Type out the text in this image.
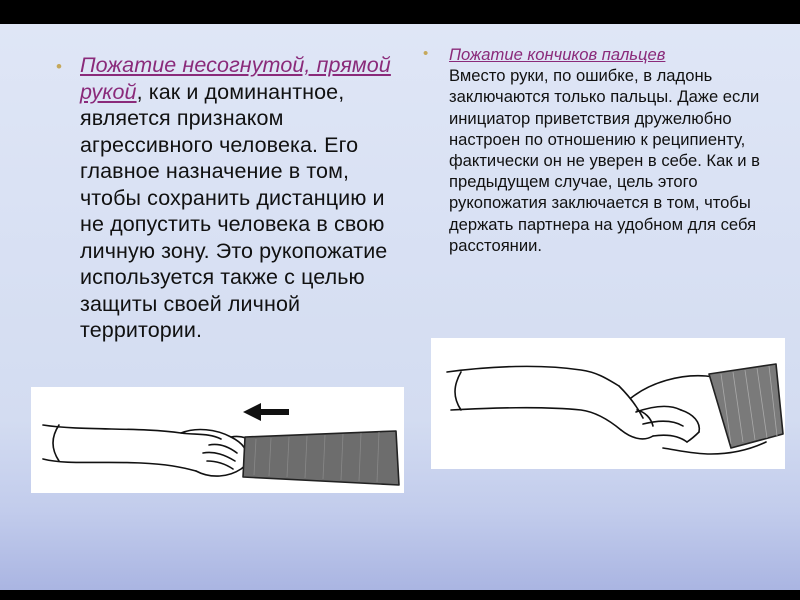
• Пожатие несогнутой, прямой рукой, как и доминантное, является признаком агрессивного человека. Его главное назначение в том, чтобы сохранить дистанцию и не допустить человека в свою личную зону. Это рукопожатие используется также с целью защиты своей личной территории.
• Пожатие кончиков пальцев
Вместо руки, по ошибке, в ладонь заключаются только пальцы. Даже если инициатор приветствия дружелюбно настроен по отношению к реципиенту, фактически он не уверен в себе. Как и в предыдущем случае, цель этого рукопожатия заключается в том, чтобы держать партнера на удобном для себя расстоянии.
